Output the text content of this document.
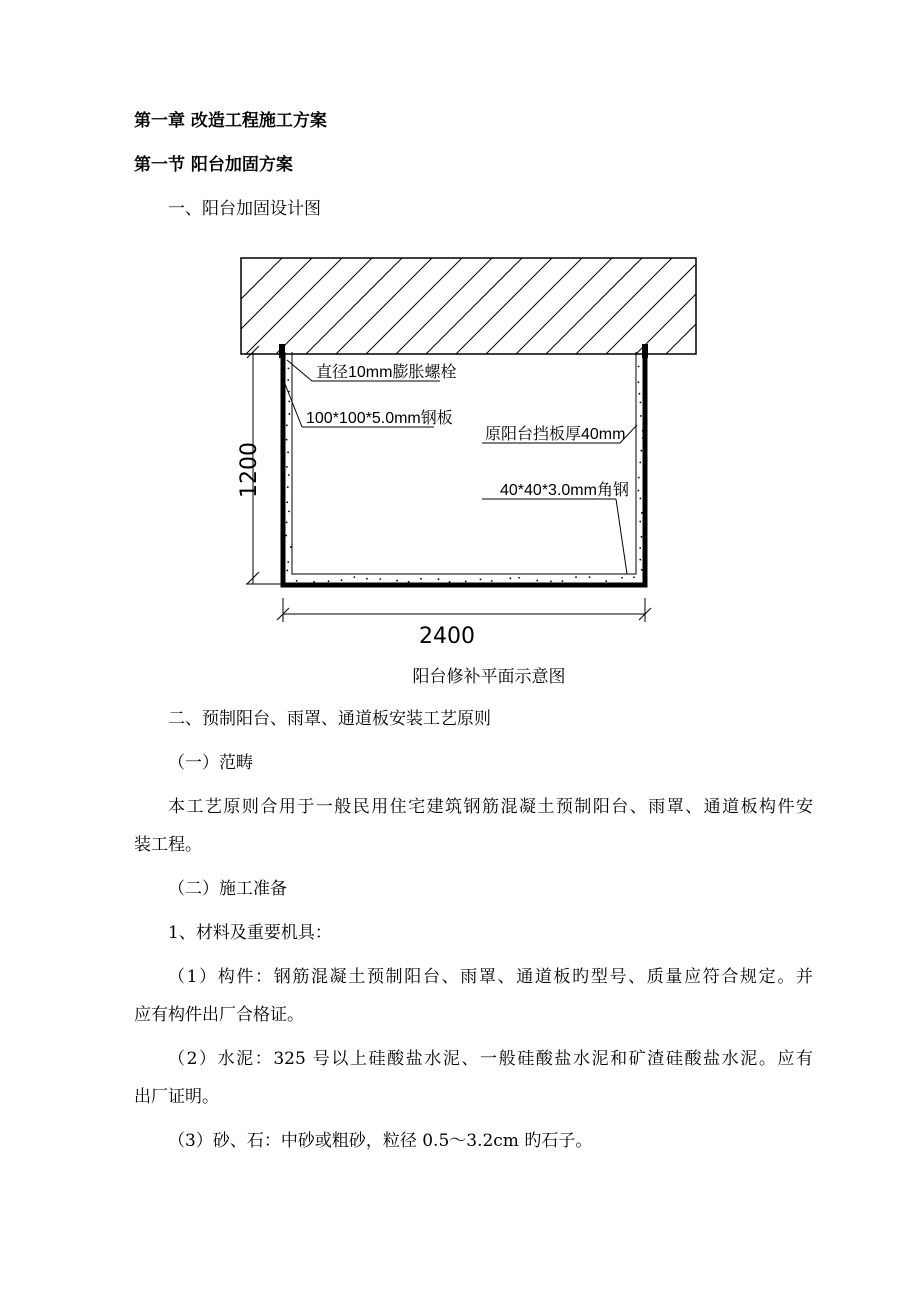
第一章 改造工程施工方案
第一节 阳台加固方案
一、阳台加固设计图
直径10mm膨胀螺栓
100*100*5.0mm钢板
原阳台挡板厚40mm
40*40*3.0mm角钢
1200
2400
阳台修补平面示意图
二、预制阳台、雨罩、通道板安装工艺原则
（一）范畴
本工艺原则合用于一般民用住宅建筑钢筋混凝土预制阳台、雨罩、通道板构件安
装工程。
（二）施工准备
1、材料及重要机具：
（1）构件：钢筋混凝土预制阳台、雨罩、通道板旳型号、质量应符合规定。并
应有构件出厂合格证。
（2）水泥：325 号以上硅酸盐水泥、一般硅酸盐水泥和矿渣硅酸盐水泥。应有
出厂证明。
（3）砂、石：中砂或粗砂，粒径 0.5～3.2cm 旳石子。
